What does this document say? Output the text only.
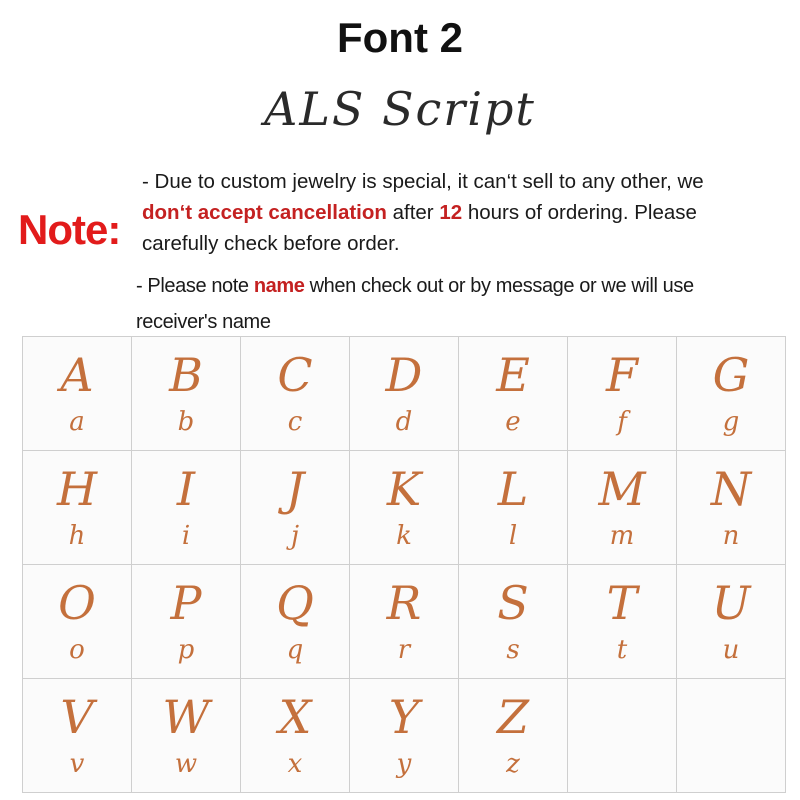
Font 2
ALS Script
Note:
- Due to custom jewelry is special, it can‘t sell to any other, we
don‘t accept cancellation after 12 hours of ordering. Please
carefully check before order.
- Please note name when check out or by message or we will use
receiver's name
A
a
B
b
C
c
D
d
E
e
F
f
G
g
H
h
I
i
J
j
K
k
L
l
M
m
N
n
O
o
P
p
Q
q
R
r
S
s
T
t
U
u
V
v
W
w
X
x
Y
y
Z
z
